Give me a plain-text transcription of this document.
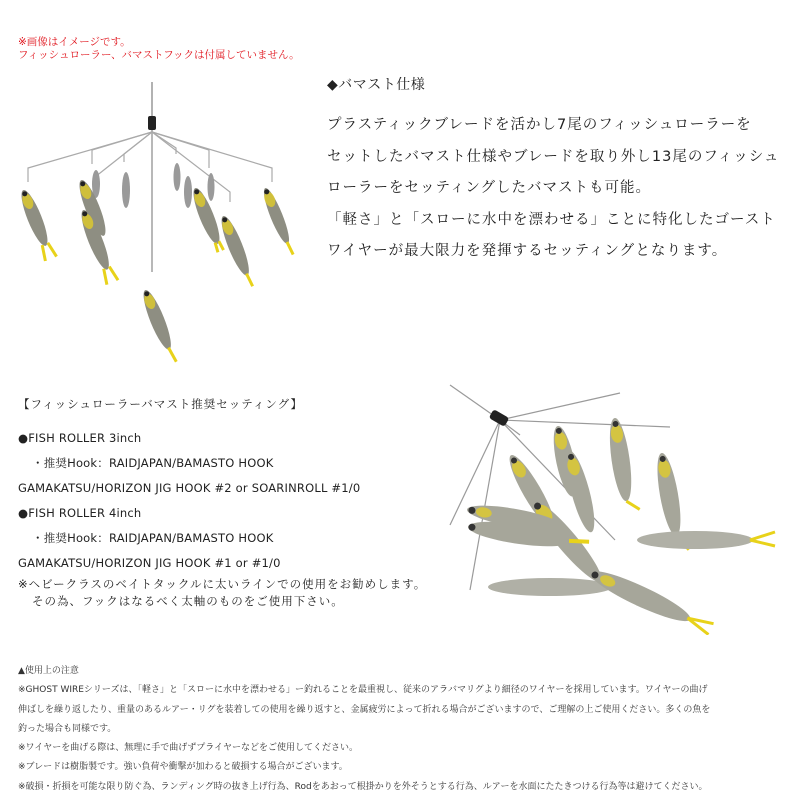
※画像はイメージです。
フィッシュローラー、バマストフックは付属していません。
◆バマスト仕様
プラスティックブレードを活かし7尾のフィッシュローラーを
セットしたバマスト仕様やブレードを取り外し13尾のフィッシュ
ローラーをセッティングしたバマストも可能。
「軽さ」と「スローに水中を漂わせる」ことに特化したゴースト
ワイヤーが最大限力を発揮するセッティングとなります。
【フィッシュローラーバマスト推奨セッティング】
●FISH ROLLER 3inch
・推奨Hook：RAIDJAPAN/BAMASTO HOOK
GAMAKATSU/HORIZON JIG HOOK #2 or SOARINROLL #1/0
●FISH ROLLER 4inch
・推奨Hook：RAIDJAPAN/BAMASTO HOOK
GAMAKATSU/HORIZON JIG HOOK #1 or #1/0
※ヘビークラスのベイトタックルに太いラインでの使用をお勧めします。
その為、フックはなるべく太軸のものをご使用下さい。
▲使用上の注意
※GHOST WIREシリーズは、「軽さ」と「スローに水中を漂わせる」ー釣れることを最重視し、従来のアラバマリグより細径のワイヤーを採用しています。ワイヤーの曲げ
伸ばしを繰り返したり、重量のあるルアー・リグを装着しての使用を繰り返すと、金属疲労によって折れる場合がございますので、ご理解の上ご使用ください。多くの魚を
釣った場合も同様です。
※ワイヤーを曲げる際は、無理に手で曲げずプライヤーなどをご使用してください。
※ブレードは樹脂製です。強い負荷や衝撃が加わると破損する場合がございます。
※破損・折損を可能な限り防ぐ為、ランディング時の抜き上げ行為、Rodをあおって根掛かりを外そうとする行為、ルアーを水面にたたきつける行為等は避けてください。
